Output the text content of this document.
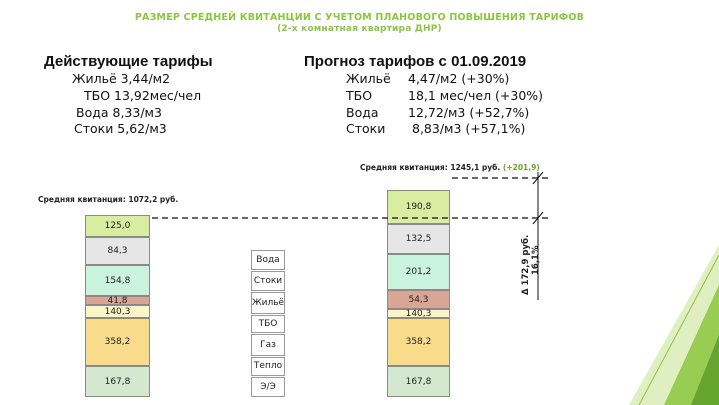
РАЗМЕР СРЕДНЕЙ КВИТАНЦИИ С УЧЕТОМ ПЛАНОВОГО ПОВЫШЕНИЯ ТАРИФОВ
(2-х комнатная квартира ДНР)
Действующие тарифы
Жильё 3,44/м2
ТБО 13,92мес/чел
Вода 8,33/м3
Стоки 5,62/м3
Прогноз тарифов с 01.09.2019
Жильё 4,47/м2 (+30%)
ТБО	18,1 мес/чел (+30%)
Вода 12,72/м3 (+52,7%)
Стоки 8,83/м3 (+57,1%)
Средняя квитанция: 1072,2 руб.
Средняя квитанция: 1245,1 руб. (+201,9)
167,8
358,2
140,3
41,8
154,8
84,3
125,0
167,8
358,2
140,3
54,3
201,2
132,5
190,8
Δ 172,9 руб. 16,1%
Вода
Стоки
Жильё
ТБО
Газ
Тепло
Э/Э
